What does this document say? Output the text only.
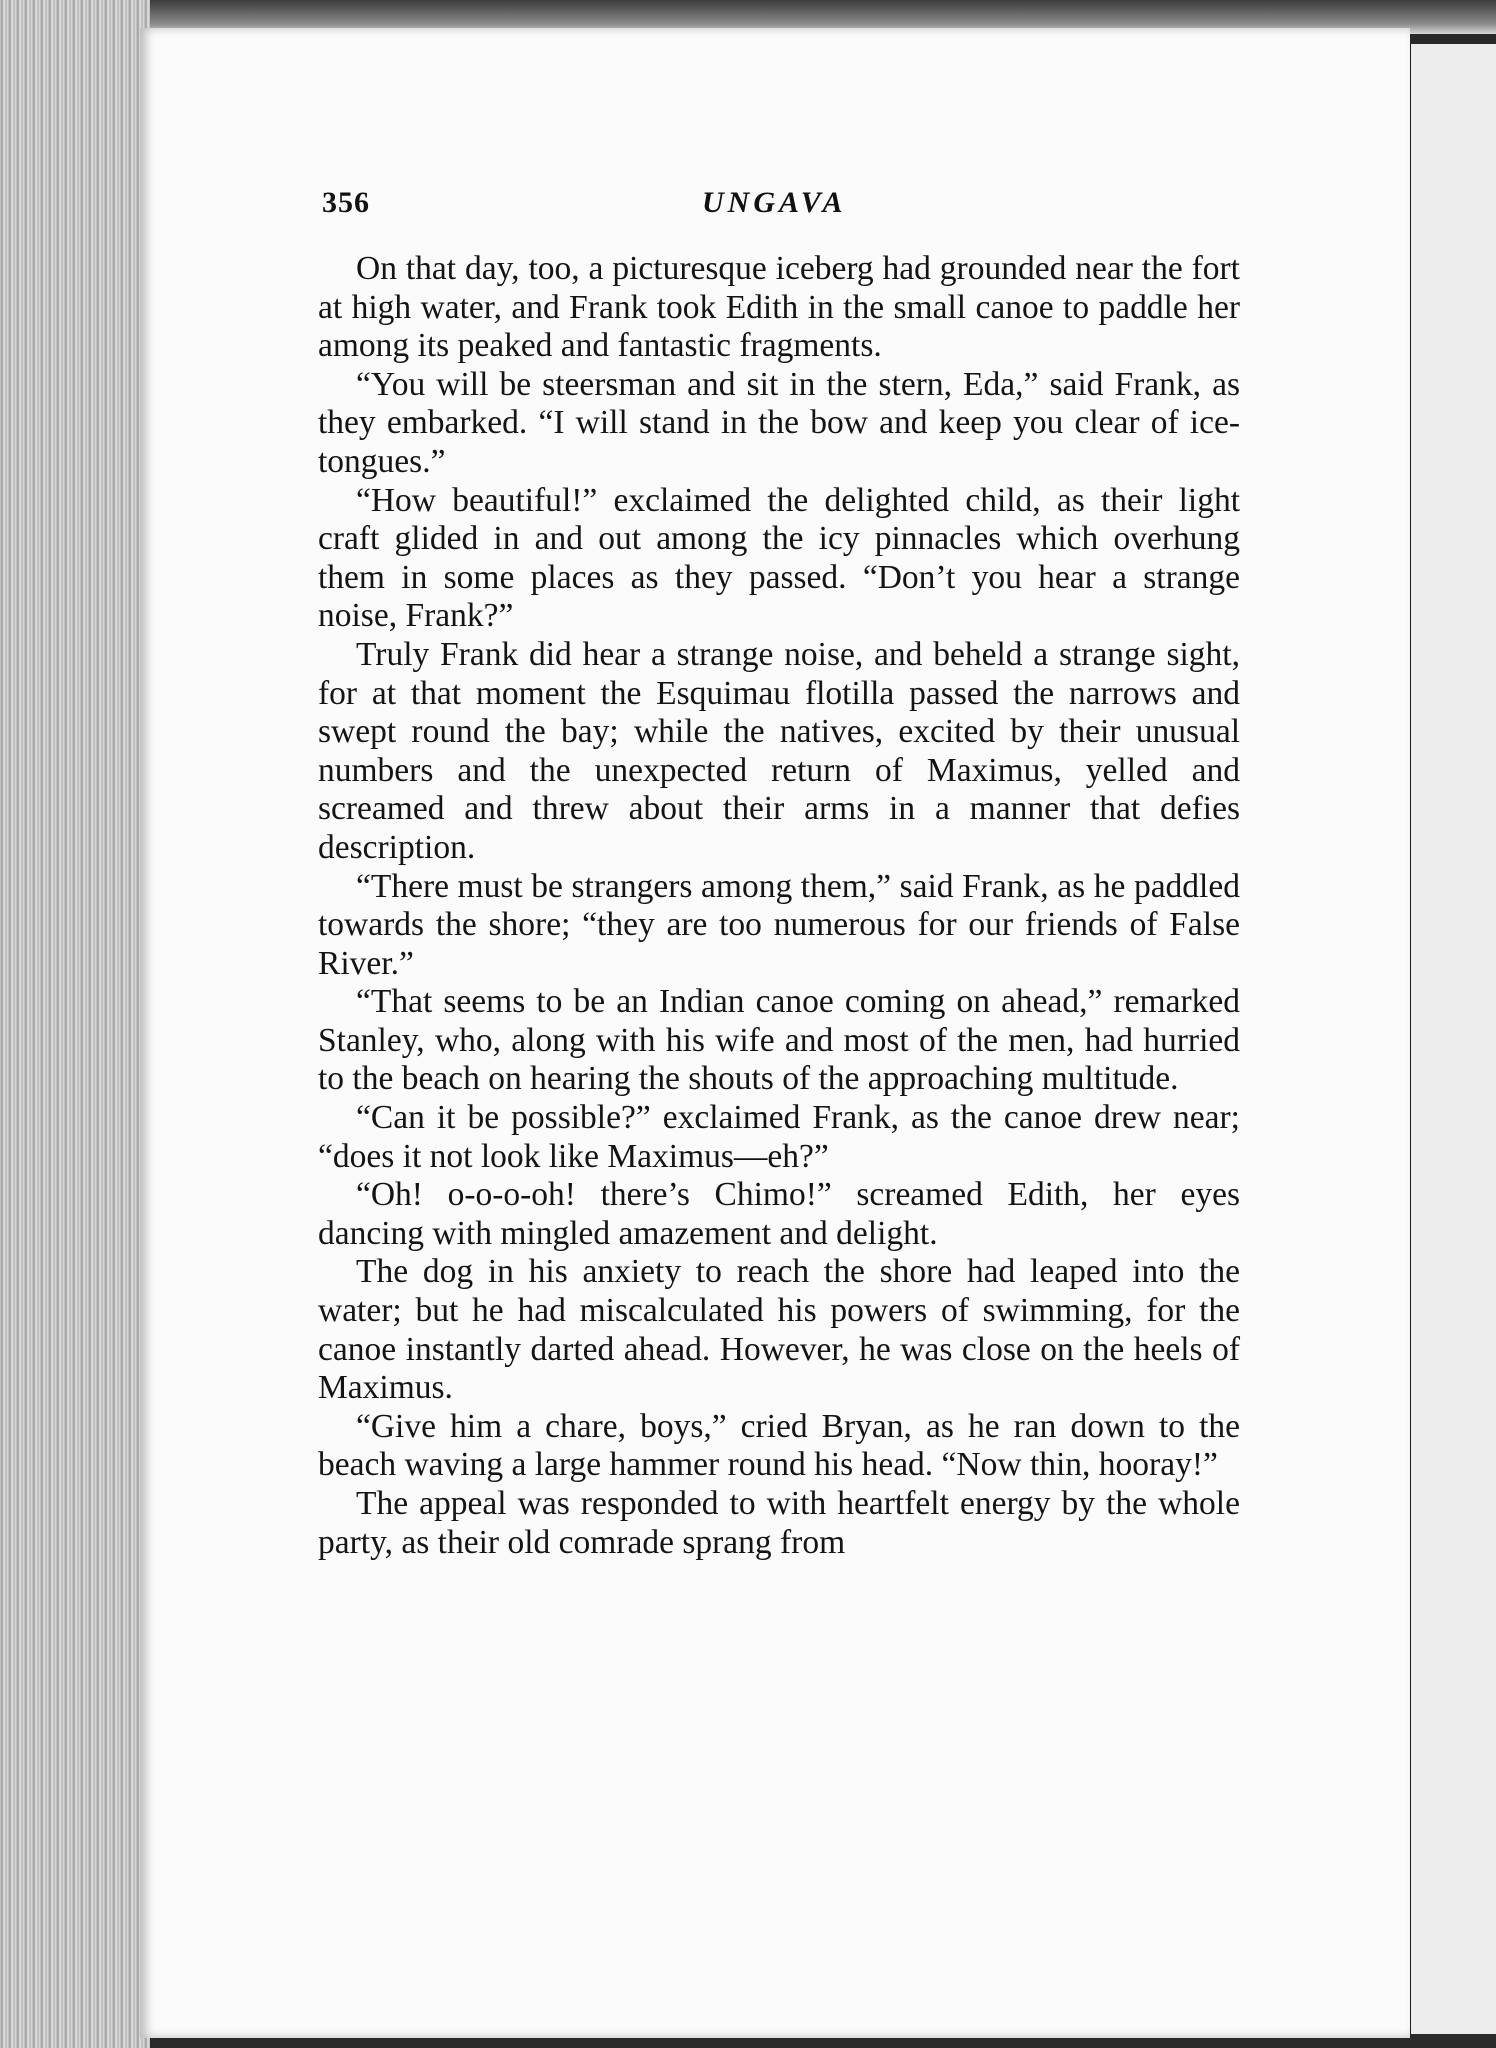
356	UNGAVA

On that day, too, a picturesque iceberg had grounded near the fort at high water, and Frank took Edith in the small canoe to paddle her among its peaked and fantastic fragments.

“You will be steersman and sit in the stern, Eda,” said Frank, as they embarked. “I will stand in the bow and keep you clear of ice-tongues.”

“How beautiful!” exclaimed the delighted child, as their light craft glided in and out among the icy pinnacles which overhung them in some places as they passed. “Don’t you hear a strange noise, Frank?”

Truly Frank did hear a strange noise, and beheld a strange sight, for at that moment the Esquimau flotilla passed the narrows and swept round the bay; while the natives, excited by their unusual numbers and the unexpected return of Maximus, yelled and screamed and threw about their arms in a manner that defies description.

“There must be strangers among them,” said Frank, as he paddled towards the shore; “they are too numerous for our friends of False River.”

“That seems to be an Indian canoe coming on ahead,” remarked Stanley, who, along with his wife and most of the men, had hurried to the beach on hearing the shouts of the approaching multitude.

“Can it be possible?” exclaimed Frank, as the canoe drew near; “does it not look like Maximus—eh?”

“Oh! o-o-o-oh! there’s Chimo!” screamed Edith, her eyes dancing with mingled amazement and delight.

The dog in his anxiety to reach the shore had leaped into the water; but he had miscalculated his powers of swimming, for the canoe instantly darted ahead. However, he was close on the heels of Maximus.

“Give him a chare, boys,” cried Bryan, as he ran down to the beach waving a large hammer round his head. “Now thin, hooray!”

The appeal was responded to with heartfelt energy by the whole party, as their old comrade sprang from
